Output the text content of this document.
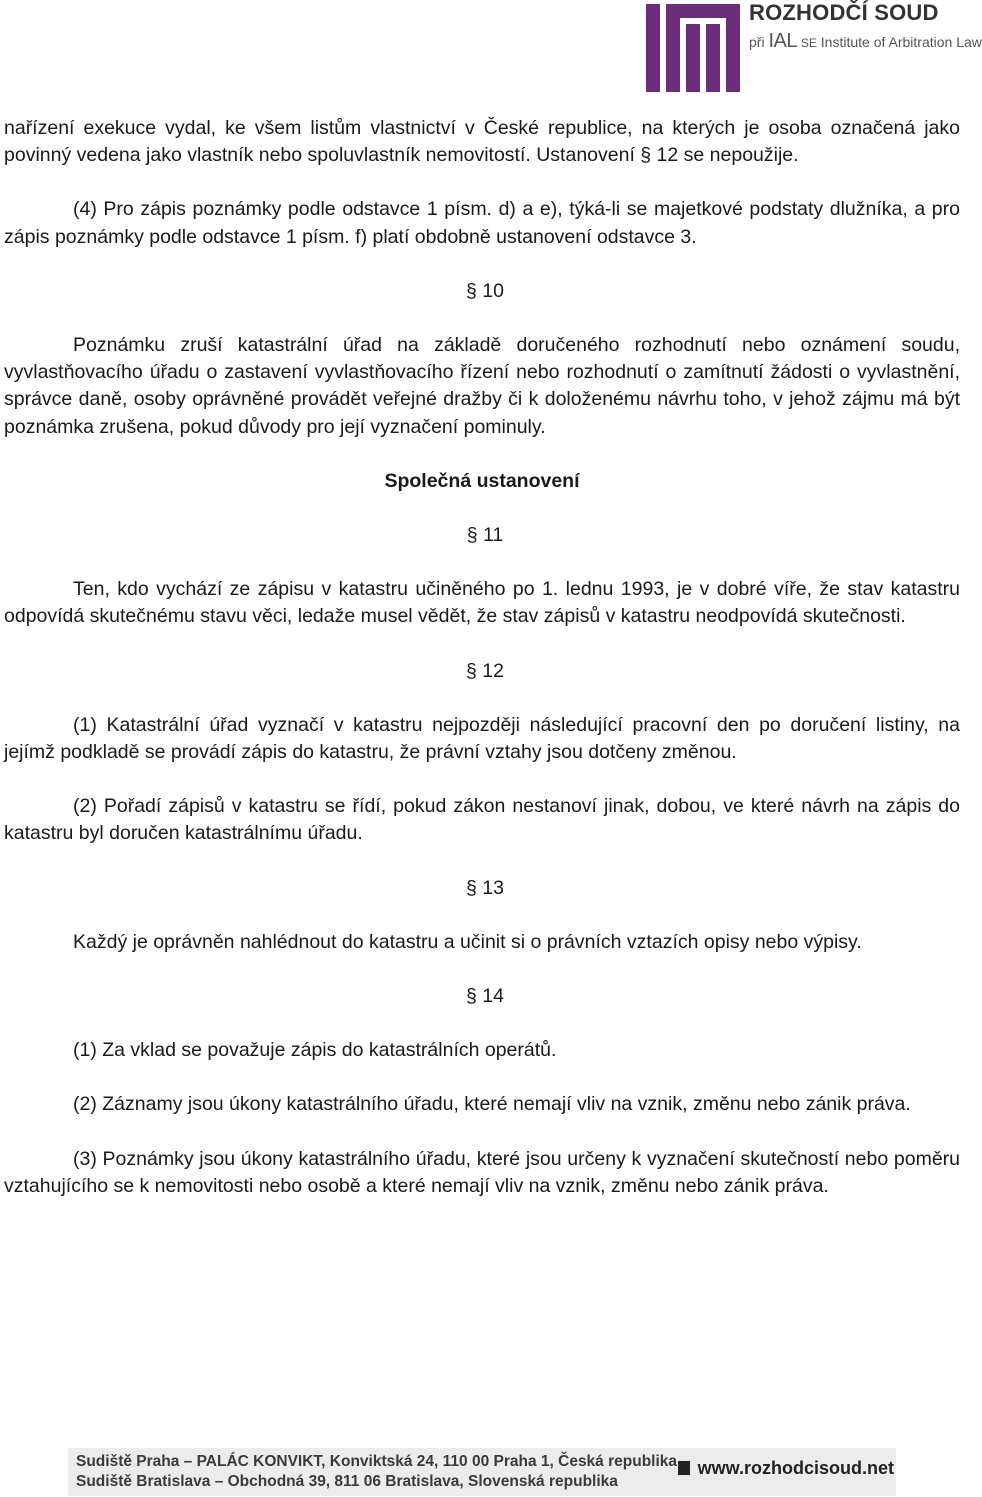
ROZHODČÍ SOUD
při IAL SE Institute of Arbitration Law

nařízení exekuce vydal, ke všem listům vlastnictví v České republice, na kterých je osoba označená jako povinný vedena jako vlastník nebo spoluvlastník nemovitostí. Ustanovení § 12 se nepoužije.

(4) Pro zápis poznámky podle odstavce 1 písm. d) a e), týká-li se majetkové podstaty dlužníka, a pro zápis poznámky podle odstavce 1 písm. f) platí obdobně ustanovení odstavce 3.

§ 10

Poznámku zruší katastrální úřad na základě doručeného rozhodnutí nebo oznámení soudu, vyvlastňovacího úřadu o zastavení vyvlastňovacího řízení nebo rozhodnutí o zamítnutí žádosti o vyvlastnění, správce daně, osoby oprávněné provádět veřejné dražby či k doloženému návrhu toho, v jehož zájmu má být poznámka zrušena, pokud důvody pro její vyznačení pominuly.

Společná ustanovení
§ 11

Ten, kdo vychází ze zápisu v katastru učiněného po 1. lednu 1993, je v dobré víře, že stav katastru odpovídá skutečnému stavu věci, ledaže musel vědět, že stav zápisů v katastru neodpovídá skutečnosti.

§ 12

(1) Katastrální úřad vyznačí v katastru nejpozději následující pracovní den po doručení listiny, na jejímž podkladě se provádí zápis do katastru, že právní vztahy jsou dotčeny změnou.

(2) Pořadí zápisů v katastru se řídí, pokud zákon nestanoví jinak, dobou, ve které návrh na zápis do katastru byl doručen katastrálnímu úřadu.

§ 13

Každý je oprávněn nahlédnout do katastru a učinit si o právních vztazích opisy nebo výpisy.

§ 14

(1) Za vklad se považuje zápis do katastrálních operátů.

(2) Záznamy jsou úkony katastrálního úřadu, které nemají vliv na vznik, změnu nebo zánik práva.

(3) Poznámky jsou úkony katastrálního úřadu, které jsou určeny k vyznačení skutečností nebo poměru vztahujícího se k nemovitosti nebo osobě a které nemají vliv na vznik, změnu nebo zánik práva.

Sudiště Praha – PALÁC KONVIKT, Konviktská 24, 110 00 Praha 1, Česká republika
Sudiště Bratislava – Obchodná 39, 811 06 Bratislava, Slovenská republika
www.rozhodcisoud.net
